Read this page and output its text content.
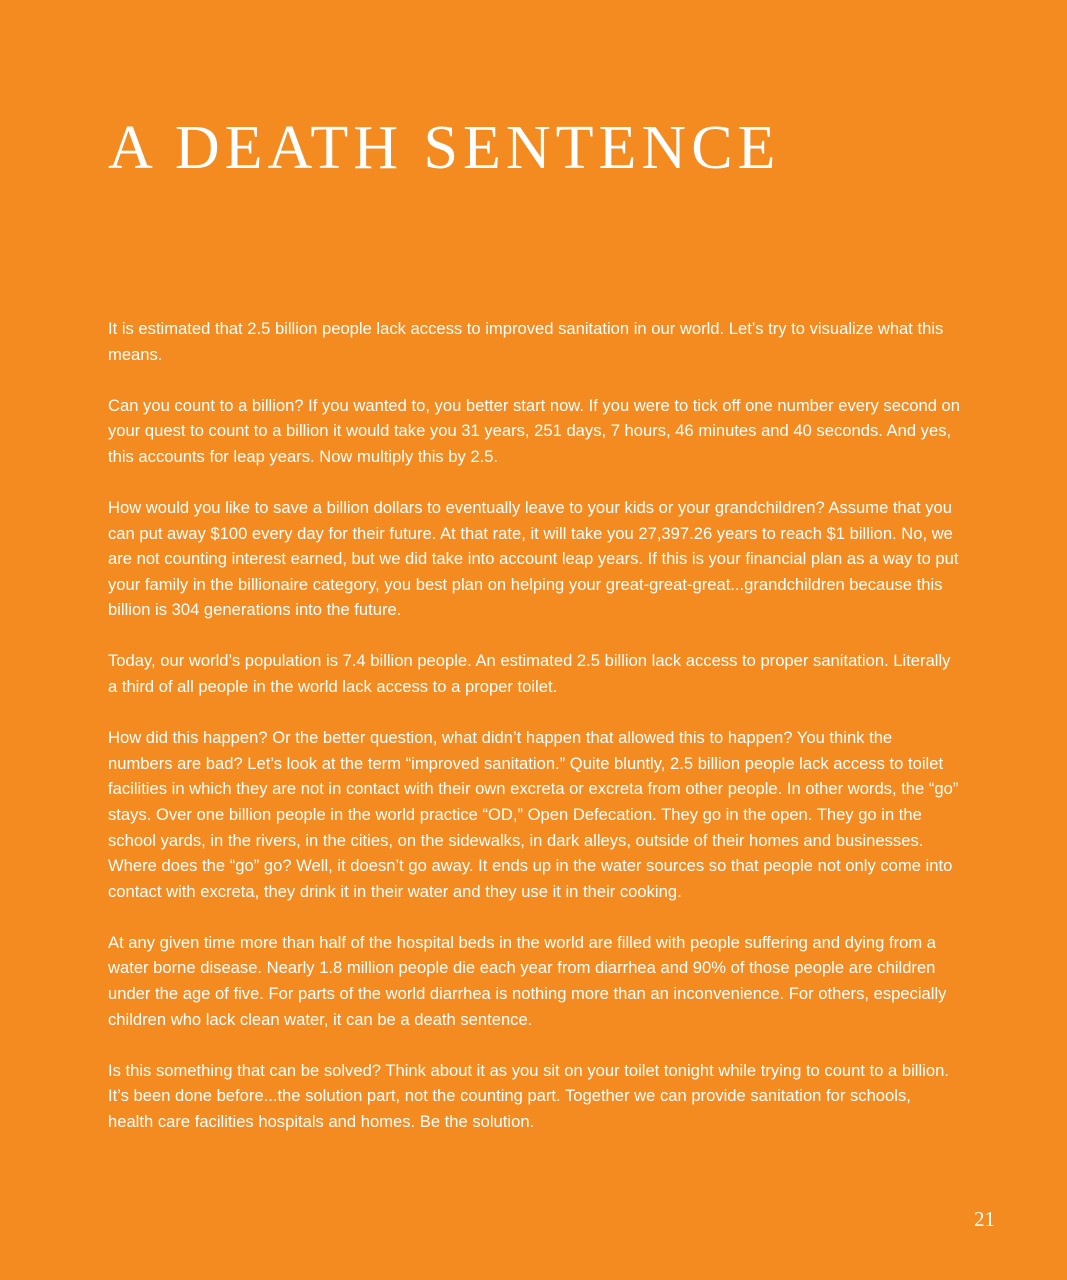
A DEATH SENTENCE

It is estimated that 2.5 billion people lack access to improved sanitation in our world. Let’s try to visualize what this means.

Can you count to a billion? If you wanted to, you better start now. If you were to tick off one number every second on your quest to count to a billion it would take you 31 years, 251 days, 7 hours, 46 minutes and 40 seconds. And yes, this accounts for leap years. Now multiply this by 2.5.

How would you like to save a billion dollars to eventually leave to your kids or your grandchildren? Assume that you can put away $100 every day for their future. At that rate, it will take you 27,397.26 years to reach $1 billion. No, we are not counting interest earned, but we did take into account leap years. If this is your financial plan as a way to put your family in the billionaire category, you best plan on helping your great-great-great...grandchildren because this billion is 304 generations into the future.

Today, our world’s population is 7.4 billion people. An estimated 2.5 billion lack access to proper sanitation. Literally a third of all people in the world lack access to a proper toilet.

How did this happen? Or the better question, what didn’t happen that allowed this to happen? You think the numbers are bad? Let’s look at the term “improved sanitation.” Quite bluntly, 2.5 billion people lack access to toilet facilities in which they are not in contact with their own excreta or excreta from other people. In other words, the “go” stays. Over one billion people in the world practice “OD,” Open Defecation. They go in the open. They go in the school yards, in the rivers, in the cities, on the sidewalks, in dark alleys, outside of their homes and businesses. Where does the “go” go? Well, it doesn’t go away. It ends up in the water sources so that people not only come into contact with excreta, they drink it in their water and they use it in their cooking.

At any given time more than half of the hospital beds in the world are filled with people suffering and dying from a water borne disease. Nearly 1.8 million people die each year from diarrhea and 90% of those people are children under the age of five. For parts of the world diarrhea is nothing more than an inconvenience. For others, especially children who lack clean water, it can be a death sentence.

Is this something that can be solved? Think about it as you sit on your toilet tonight while trying to count to a billion. It’s been done before...the solution part, not the counting part. Together we can provide sanitation for schools, health care facilities hospitals and homes. Be the solution.

21
